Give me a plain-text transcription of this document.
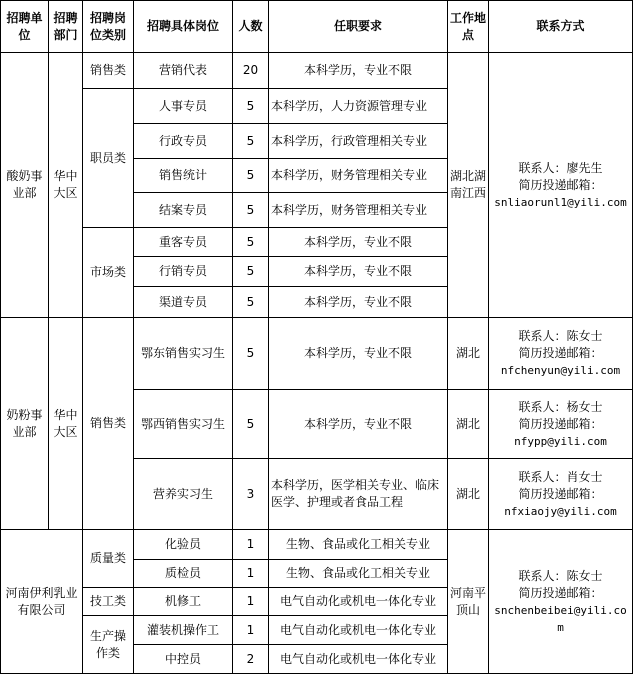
招聘单位	招聘部门	招聘岗位类别	招聘具体岗位	人数	任职要求	工作地点	联系方式
酸奶事业部	华中大区	销售类	营销代表	20	本科学历，专业不限	湖北湖南江西	联系人：廖先生
简历投递邮箱：
snliaorunl1@yili.com

		职员类	人事专员	5	本科学历，人力资源管理专业		
			行政专员	5	本科学历，行政管理相关专业		
			销售统计	5	本科学历，财务管理相关专业		
			结案专员	5	本科学历，财务管理相关专业		
		市场类	重客专员	5	本科学历，专业不限		
			行销专员	5	本科学历，专业不限		
			渠道专员	5	本科学历，专业不限		
奶粉事业部	华中大区	销售类	鄂东销售实习生	5	本科学历，专业不限	湖北	联系人：陈女士
简历投递邮箱：
nfchenyun@yili.com

			鄂西销售实习生	5	本科学历，专业不限	湖北	联系人：杨女士
简历投递邮箱：
nfypp@yili.com

			营养实习生	3	本科学历，医学相关专业、临床医学、护理或者食品工程	湖北	联系人：肖女士
简历投递邮箱：
nfxiaojy@yili.com

河南伊利乳业有限公司		质量类	化验员	1	生物、食品或化工相关专业	河南平顶山	联系人：陈女士
简历投递邮箱：
snchenbeibei@yili.com

			质检员	1	生物、食品或化工相关专业		
		技工类	机修工	1	电气自动化或机电一体化专业		
		生产操作类	灌装机操作工	1	电气自动化或机电一体化专业		
			中控员	2	电气自动化或机电一体化专业		
